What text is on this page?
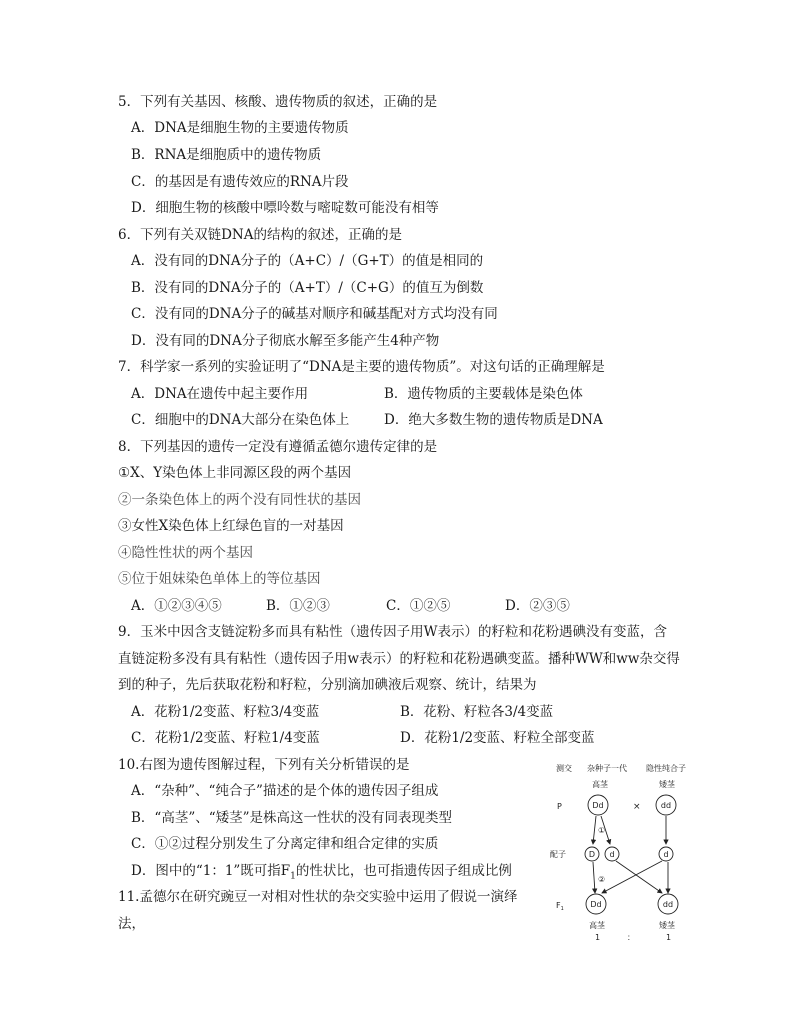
5．下列有关基因、核酸、遗传物质的叙述，正确的是
A．DNA是细胞生物的主要遗传物质
B．RNA是细胞质中的遗传物质
C．的基因是有遗传效应的RNA片段
D．细胞生物的核酸中嘌呤数与嘧啶数可能没有相等
6．下列有关双链DNA的结构的叙述，正确的是
A．没有同的DNA分子的（A+C）/（G+T）的值是相同的
B．没有同的DNA分子的（A+T）/（C+G）的值互为倒数
C．没有同的DNA分子的碱基对顺序和碱基配对方式均没有同
D．没有同的DNA分子彻底水解至多能产生4种产物
7．科学家一系列的实验证明了“DNA是主要的遗传物质”。对这句话的正确理解是
A．DNA在遗传中起主要作用	B．遗传物质的主要载体是染色体
C．细胞中的DNA大部分在染色体上	D．绝大多数生物的遗传物质是DNA
8．下列基因的遗传一定没有遵循孟德尔遗传定律的是
①X、Y染色体上非同源区段的两个基因
②一条染色体上的两个没有同性状的基因
③女性X染色体上红绿色盲的一对基因
④隐性性状的两个基因
⑤位于姐妹染色单体上的等位基因
A．①②③④⑤	B．①②③	C．①②⑤	D．②③⑤
9．玉米中因含支链淀粉多而具有粘性（遗传因子用W表示）的籽粒和花粉遇碘没有变蓝，含
直链淀粉多没有具有粘性（遗传因子用w表示）的籽粒和花粉遇碘变蓝。播种WW和ww杂交得
到的种子，先后获取花粉和籽粒，分别滴加碘液后观察、统计，结果为
A．花粉1/2变蓝、籽粒3/4变蓝	B．花粉、籽粒各3/4变蓝
C．花粉1/2变蓝、籽粒1/4变蓝	D．花粉1/2变蓝、籽粒全部变蓝
10.右图为遗传图解过程，下列有关分析错误的是
A．“杂种”、“纯合子”描述的是个体的遗传因子组成
B．“高茎”、“矮茎”是株高这一性状的没有同表现类型
C．①②过程分别发生了分离定律和组合定律的实质
D．图中的“1：1”既可指$F_1$的性状比，也可指遗传因子组成比例
11.孟德尔在研究豌豆一对相对性状的杂交实验中运用了假说一演绎
法，
测交 杂种子一代 隐性纯合子
高茎	矮茎
P	Dd	×	dd
①
配子	D d	d
②
$F_1$	Dd	dd
高茎	矮茎
1	：	1
